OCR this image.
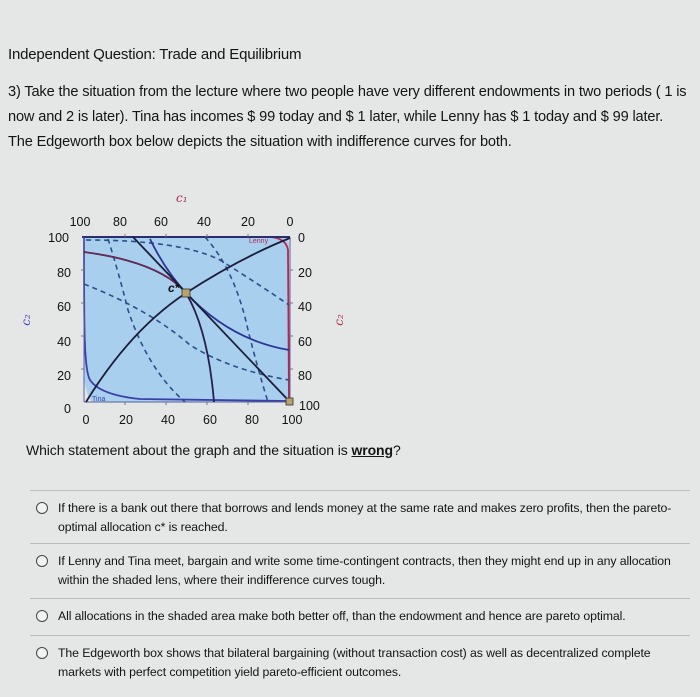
Independent Question: Trade and Equilibrium
3) Take the situation from the lecture where two people have very different endowments in two periods ( 1 is now and 2 is later). Tina has incomes $ 99 today and $ 1 later, while Lenny has $ 1 today and $ 99 later. The Edgeworth box below depicts the situation with indifference curves for both.
c*
Tina
Lenny
c₁
100 80 60 40 20	0
100
80
60
40
20
0
0
20
40
60
80
100
0 20 40 60 80 100
c₂	c₂
Which statement about the graph and the situation is wrong?
If there is a bank out there that borrows and lends money at the same rate and makes zero profits, then the pareto-optimal allocation c* is reached.
If Lenny and Tina meet, bargain and write some time-contingent contracts, then they might end up in any allocation within the shaded lens, where their indifference curves tough.
All allocations in the shaded area make both better off, than the endowment and hence are pareto optimal.
The Edgeworth box shows that bilateral bargaining (without transaction cost) as well as decentralized complete markets with perfect competition yield pareto-efficient outcomes.
